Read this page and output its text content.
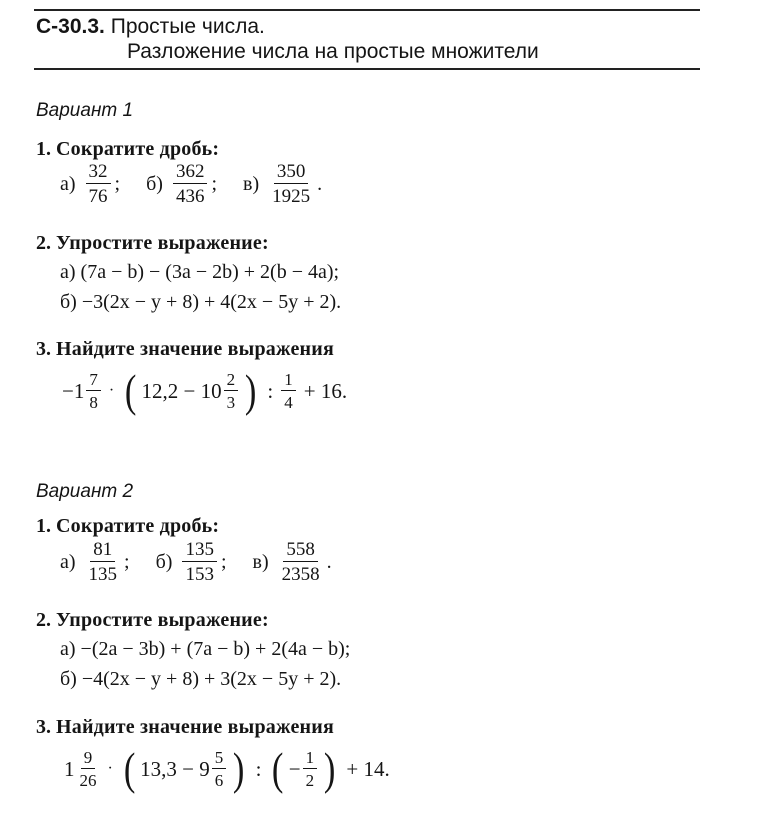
С-30.3. Простые числа.
Разложение числа на простые множители
Вариант 1
1. Сократите дробь:
$а) \frac{32}{76}$ ; $б) \frac{362}{436}$ ; $в) \frac{350}{1925}$ .
2. Упростите выражение:
а) (7a − b) − (3a − 2b) + 2(b − 4a);
б) −3(2x − y + 8) + 4(2x − 5y + 2).
3. Найдите значение выражения
$-1 \frac{7}{8}$ · ( $12,2 - 10 \frac{2}{3}$ ) : $\frac{1}{4} + 16$.
Вариант 2
1. Сократите дробь:
$а) \frac{81}{135}$ ; $б) \frac{135}{153}$ ; $в) \frac{558}{2358}$ .
2. Упростите выражение:
а) −(2a − 3b) + (7a − b) + 2(4a − b);
б) −4(2x − y + 8) + 3(2x − 5y + 2).
3. Найдите значение выражения
$1 \frac{9}{26}$ · ( $13,3 - 9 \frac{5}{6}$ ) : ( − $\frac{1}{2}$ ) + 14.
